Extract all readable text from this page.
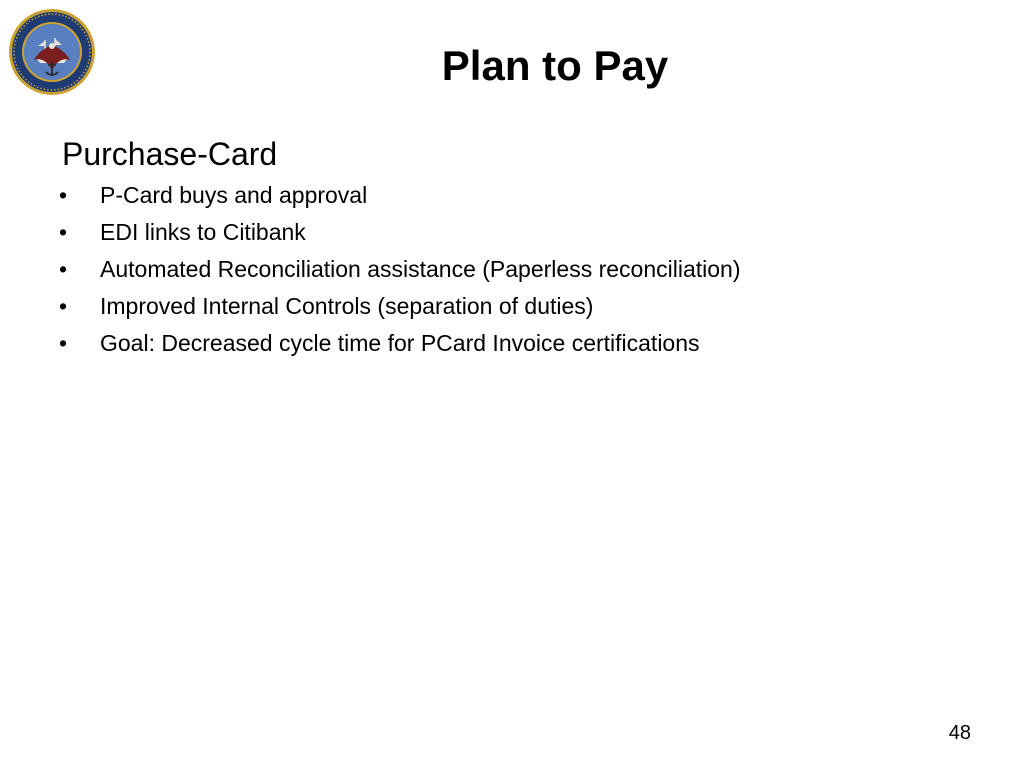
Plan to Pay
Purchase-Card
• P-Card buys and approval
• EDI links to Citibank
• Automated Reconciliation assistance (Paperless reconciliation)
• Improved Internal Controls (separation of duties)
• Goal: Decreased cycle time for PCard Invoice certifications
48
